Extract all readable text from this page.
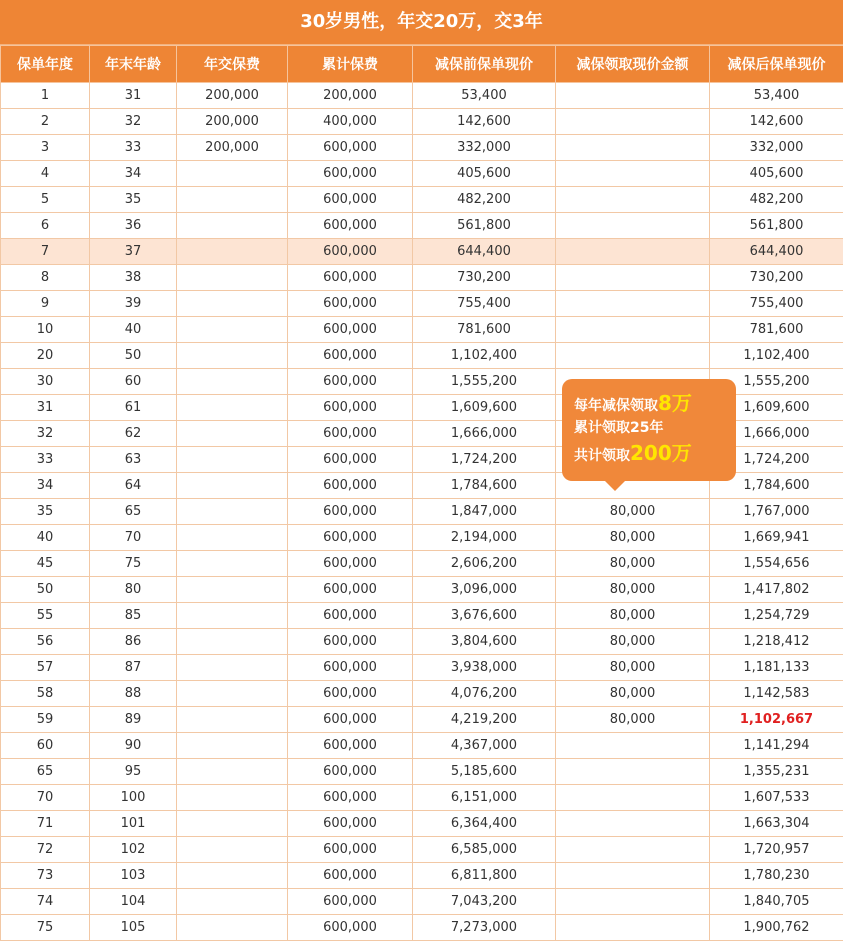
30岁男性，年交20万，交3年
保单年度	年末年龄	年交保费	累计保费	减保前保单现价	减保领取现价金额	减保后保单现价
1	31	200,000	200,000	53,400		53,400
2	32	200,000	400,000	142,600		142,600
3	33	200,000	600,000	332,000		332,000
4	34		600,000	405,600		405,600
5	35		600,000	482,200		482,200
6	36		600,000	561,800		561,800
7	37		600,000	644,400		644,400
8	38		600,000	730,200		730,200
9	39		600,000	755,400		755,400
10	40		600,000	781,600		781,600
20	50		600,000	1,102,400		1,102,400
30	60		600,000	1,555,200		1,555,200
31	61		600,000	1,609,600		1,609,600
32	62		600,000	1,666,000		1,666,000
33	63		600,000	1,724,200		1,724,200
34	64		600,000	1,784,600		1,784,600
35	65		600,000	1,847,000	80,000	1,767,000
40	70		600,000	2,194,000	80,000	1,669,941
45	75		600,000	2,606,200	80,000	1,554,656
50	80		600,000	3,096,000	80,000	1,417,802
55	85		600,000	3,676,600	80,000	1,254,729
56	86		600,000	3,804,600	80,000	1,218,412
57	87		600,000	3,938,000	80,000	1,181,133
58	88		600,000	4,076,200	80,000	1,142,583
59	89		600,000	4,219,200	80,000	1,102,667
60	90		600,000	4,367,000		1,141,294
65	95		600,000	5,185,600		1,355,231
70	100		600,000	6,151,000		1,607,533
71	101		600,000	6,364,400		1,663,304
72	102		600,000	6,585,000		1,720,957
73	103		600,000	6,811,800		1,780,230
74	104		600,000	7,043,200		1,840,705
75	105		600,000	7,273,000		1,900,762
每年减保领取8万
累计领取25年
共计领取200万
